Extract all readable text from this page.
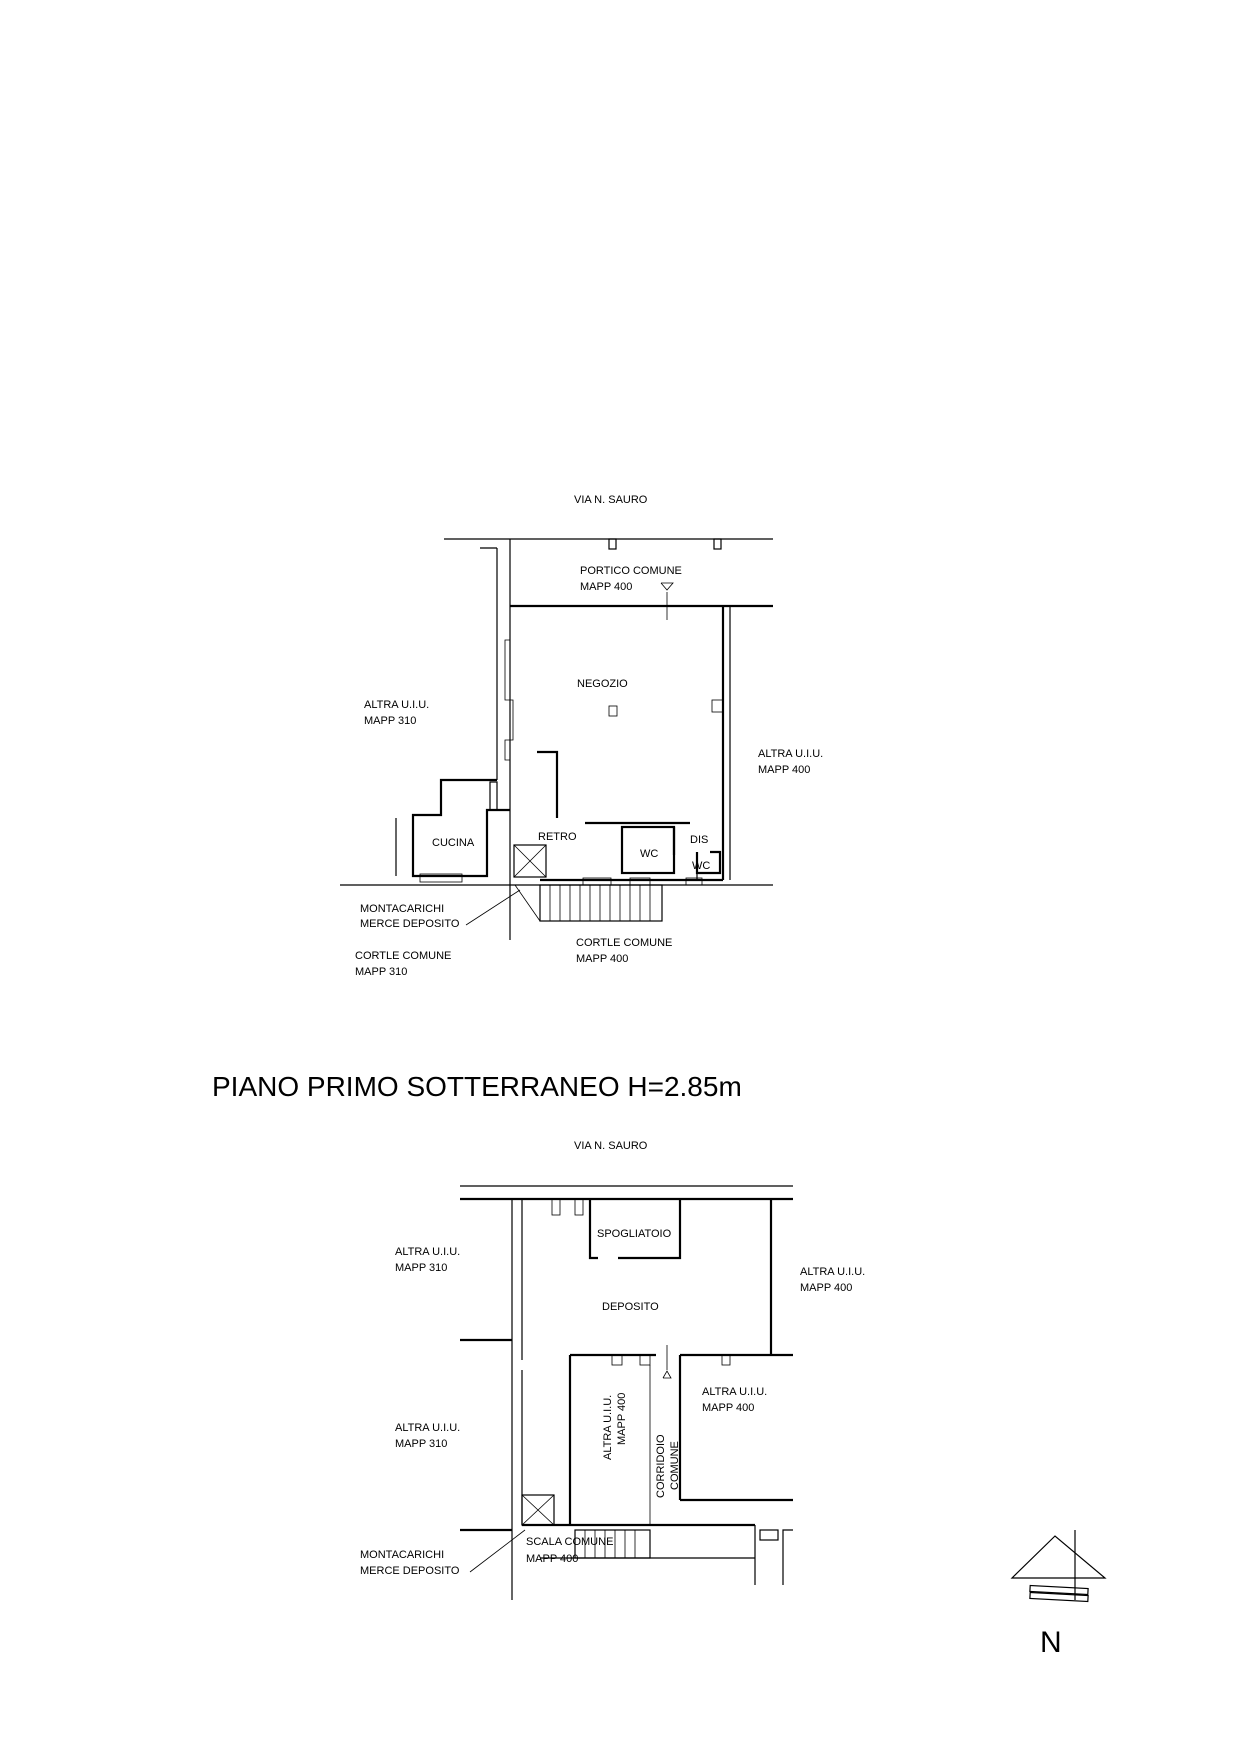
VIA N. SAURO
PORTICO COMUNE
MAPP 400
NEGOZIO
ALTRA U.I.U.
MAPP 310
ALTRA U.I.U.
MAPP 400
CUCINA	RETRO
WC
DIS
WC
MONTACARICHI
MERCE DEPOSITO
CORTLE COMUNE
MAPP 310
CORTLE COMUNE
MAPP 400
PIANO PRIMO SOTTERRANEO H=2.85m
VIA N. SAURO
SPOGLIATOIO
DEPOSITO
ALTRA U.I.U.
MAPP 310
ALTRA U.I.U.
MAPP 310
ALTRA U.I.U.
MAPP 400
ALTRA U.I.U.
MAPP 400
ALTRA U.I.U. MAPP 400
CORRIDOIO COMUNE
SCALA COMUNE
MAPP 400
MONTACARICHI
MERCE DEPOSITO
N
